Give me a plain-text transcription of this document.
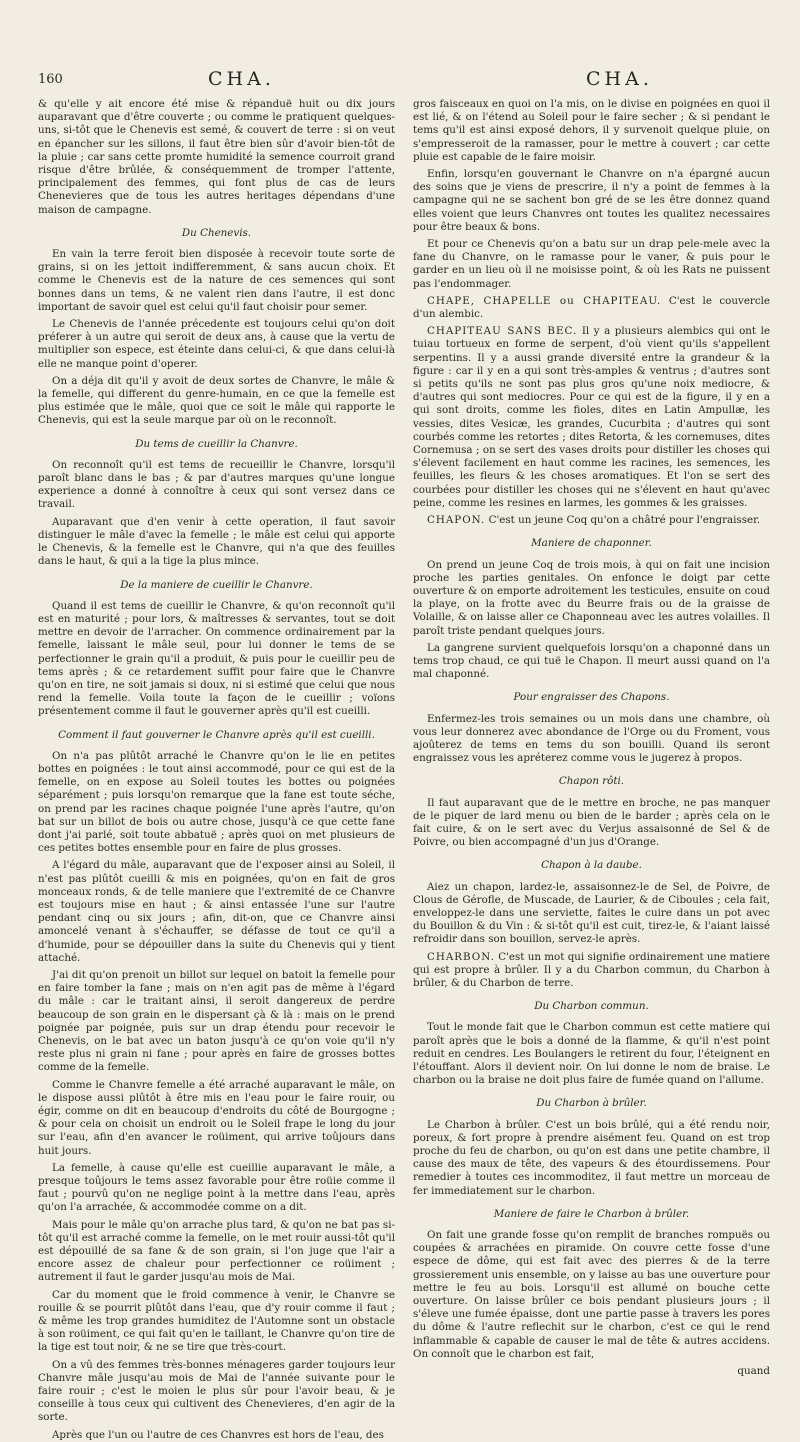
160	CHA.	CHA.

& qu'elle y ait encore été mise & répanduë huit ou dix jours auparavant que d'être couverte ; ou comme le pratiquent quelques-uns, si-tôt que le Chenevis est semé, & couvert de terre : si on veut en épancher sur les sillons, il faut être bien sûr d'avoir bien-tôt de la pluie ; car sans cette promte humidité la semence courroit grand risque d'être brûlée, & conséquemment de tromper l'attente, principalement des femmes, qui font plus de cas de leurs Chenevieres que de tous les autres heritages dépendans d'une maison de campagne.

Du Chenevis.

En vain la terre feroit bien disposée à recevoir toute sorte de grains, si on les jettoit indifferemment, & sans aucun choix. Et comme le Chenevis est de la nature de ces semences qui sont bonnes dans un tems, & ne valent rien dans l'autre, il est donc important de savoir quel est celui qu'il faut choisir pour semer.

Le Chenevis de l'année précedente est toujours celui qu'on doit préferer à un autre qui seroit de deux ans, à cause que la vertu de multiplier son espece, est éteinte dans celui-ci, & que dans celui-là elle ne manque point d'operer.

On a déja dit qu'il y avoit de deux sortes de Chanvre, le mâle & la femelle, qui different du genre-humain, en ce que la femelle est plus estimée que le mâle, quoi que ce soit le mâle qui rapporte le Chenevis, qui est la seule marque par où on le reconnoît.

Du tems de cueillir la Chanvre.

On reconnoît qu'il est tems de recueillir le Chanvre, lorsqu'il paroît blanc dans le bas ; & par d'autres marques qu'une longue experience a donné à connoître à ceux qui sont versez dans ce travail.

Auparavant que d'en venir à cette operation, il faut savoir distinguer le mâle d'avec la femelle ; le mâle est celui qui apporte le Chenevis, & la femelle est le Chanvre, qui n'a que des feuilles dans le haut, & qui a la tige la plus mince.

De la maniere de cueillir le Chanvre.

Quand il est tems de cueillir le Chanvre, & qu'on reconnoît qu'il est en maturité ; pour lors, & maîtresses & servantes, tout se doit mettre en devoir de l'arracher. On commence ordinairement par la femelle, laissant le mâle seul, pour lui donner le tems de se perfectionner le grain qu'il a produit, & puis pour le cueillir peu de tems après ; & ce retardement suffit pour faire que le Chanvre qu'on en tire, ne soit jamais si doux, ni si estimé que celui que nous rend la femelle. Voila toute la façon de le cueillir ; voïons présentement comme il faut le gouverner après qu'il est cueilli.

Comment il faut gouverner le Chanvre après qu'il est cueilli.

On n'a pas plûtôt arraché le Chanvre qu'on le lie en petites bottes en poignées : le tout ainsi accommodé, pour ce qui est de la femelle, on en expose au Soleil toutes les bottes ou poignées séparément ; puis lorsqu'on remarque que la fane est toute séche, on prend par les racines chaque poignée l'une après l'autre, qu'on bat sur un billot de bois ou autre chose, jusqu'à ce que cette fane dont j'ai parlé, soit toute abbatuë ; après quoi on met plusieurs de ces petites bottes ensemble pour en faire de plus grosses.

A l'égard du mâle, auparavant que de l'exposer ainsi au Soleil, il n'est pas plûtôt cueilli & mis en poignées, qu'on en fait de gros monceaux ronds, & de telle maniere que l'extremité de ce Chanvre est toujours mise en haut ; & ainsi entassée l'une sur l'autre pendant cinq ou six jours ; afin, dit-on, que ce Chanvre ainsi amoncelé venant à s'échauffer, se défasse de tout ce qu'il a d'humide, pour se dépouiller dans la suite du Chenevis qui y tient attaché.

J'ai dit qu'on prenoit un billot sur lequel on batoit la femelle pour en faire tomber la fane ; mais on n'en agit pas de même à l'égard du mâle : car le traitant ainsi, il seroit dangereux de perdre beaucoup de son grain en le dispersant çà & là : mais on le prend poignée par poignée, puis sur un drap étendu pour recevoir le Chenevis, on le bat avec un baton jusqu'à ce qu'on voie qu'il n'y reste plus ni grain ni fane ; pour après en faire de grosses bottes comme de la femelle.

Comme le Chanvre femelle a été arraché auparavant le mâle, on le dispose aussi plûtôt à être mis en l'eau pour le faire rouir, ou égir, comme on dit en beaucoup d'endroits du côté de Bourgogne ; & pour cela on choisit un endroit ou le Soleil frape le long du jour sur l'eau, afin d'en avancer le roüiment, qui arrive toûjours dans huit jours.

La femelle, à cause qu'elle est cueillie auparavant le mâle, a presque toûjours le tems assez favorable pour être roüie comme il faut ; pourvû qu'on ne neglige point à la mettre dans l'eau, après qu'on l'a arrachée, & accommodée comme on a dit.

Mais pour le mâle qu'on arrache plus tard, & qu'on ne bat pas si-tôt qu'il est arraché comme la femelle, on le met rouir aussi-tôt qu'il est dépouillé de sa fane & de son grain, si l'on juge que l'air a encore assez de chaleur pour perfectionner ce roüiment ; autrement il faut le garder jusqu'au mois de Mai.

Car du moment que le froid commence à venir, le Chanvre se rouille & se pourrit plûtôt dans l'eau, que d'y rouir comme il faut ; & même les trop grandes humiditez de l'Automne sont un obstacle à son roüiment, ce qui fait qu'en le taillant, le Chanvre qu'on tire de la tige est tout noir, & ne se tire que très-court.

On a vû des femmes très-bonnes ménageres garder toujours leur Chanvre mâle jusqu'au mois de Mai de l'année suivante pour le faire rouir ; c'est le moien le plus sûr pour l'avoir beau, & je conseille à tous ceux qui cultivent des Chenevieres, d'en agir de la sorte.

Après que l'un ou l'autre de ces Chanvres est hors de l'eau, des

gros faisceaux en quoi on l'a mis, on le divise en poignées en quoi il est lié, & on l'étend au Soleil pour le faire secher ; & si pendant le tems qu'il est ainsi exposé dehors, il y survenoit quelque pluie, on s'empresseroit de la ramasser, pour le mettre à couvert ; car cette pluie est capable de le faire moisir.

Enfin, lorsqu'en gouvernant le Chanvre on n'a épargné aucun des soins que je viens de prescrire, il n'y a point de femmes à la campagne qui ne se sachent bon gré de se les être donnez quand elles voient que leurs Chanvres ont toutes les qualitez necessaires pour être beaux & bons.

Et pour ce Chenevis qu'on a batu sur un drap pele-mele avec la fane du Chanvre, on le ramasse pour le vaner, & puis pour le garder en un lieu où il ne moisisse point, & où les Rats ne puissent pas l'endommager.

CHAPE, CHAPELLE ou CHAPITEAU. C'est le couvercle d'un alembic.

CHAPITEAU SANS BEC. Il y a plusieurs alembics qui ont le tuiau tortueux en forme de serpent, d'où vient qu'ils s'appellent serpentins. Il y a aussi grande diversité entre la grandeur & la figure : car il y en a qui sont très-amples & ventrus ; d'autres sont si petits qu'ils ne sont pas plus gros qu'une noix mediocre, & d'autres qui sont mediocres. Pour ce qui est de la figure, il y en a qui sont droits, comme les fioles, dites en Latin Ampullæ, les vessies, dites Vesicæ, les grandes, Cucurbita ; d'autres qui sont courbés comme les retortes ; dites Retorta, & les cornemuses, dites Cornemusa ; on se sert des vases droits pour distiller les choses qui s'élevent facilement en haut comme les racines, les semences, les feuilles, les fleurs & les choses aromatiques. Et l'on se sert des courbées pour distiller les choses qui ne s'élevent en haut qu'avec peine, comme les resines en larmes, les gommes & les graisses.

CHAPON. C'est un jeune Coq qu'on a châtré pour l'engraisser.

Maniere de chaponner.

On prend un jeune Coq de trois mois, à qui on fait une incision proche les parties genitales. On enfonce le doigt par cette ouverture & on emporte adroitement les testicules, ensuite on coud la playe, on la frotte avec du Beurre frais ou de la graisse de Volaille, & on laisse aller ce Chaponneau avec les autres volailles. Il paroît triste pendant quelques jours.

La gangrene survient quelquefois lorsqu'on a chaponné dans un tems trop chaud, ce qui tuë le Chapon. Il meurt aussi quand on l'a mal chaponné.

Pour engraisser des Chapons.

Enfermez-les trois semaines ou un mois dans une chambre, où vous leur donnerez avec abondance de l'Orge ou du Froment, vous ajoûterez de tems en tems du son bouilli. Quand ils seront engraissez vous les apréterez comme vous le jugerez à propos.

Chapon rôti.

Il faut auparavant que de le mettre en broche, ne pas manquer de le piquer de lard menu ou bien de le barder ; après cela on le fait cuire, & on le sert avec du Verjus assaisonné de Sel & de Poivre, ou bien accompagné d'un jus d'Orange.

Chapon à la daube.

Aiez un chapon, lardez-le, assaisonnez-le de Sel, de Poivre, de Clous de Gérofle, de Muscade, de Laurier, & de Ciboules ; cela fait, enveloppez-le dans une serviette, faites le cuire dans un pot avec du Bouillon & du Vin : & si-tôt qu'il est cuit, tirez-le, & l'aiant laissé refroidir dans son bouillon, servez-le après.

CHARBON. C'est un mot qui signifie ordinairement une matiere qui est propre à brûler. Il y a du Charbon commun, du Charbon à brûler, & du Charbon de terre.

Du Charbon commun.

Tout le monde fait que le Charbon commun est cette matiere qui paroît après que le bois a donné de la flamme, & qu'il n'est point reduit en cendres. Les Boulangers le retirent du four, l'éteignent en l'étouffant. Alors il devient noir. On lui donne le nom de braise. Le charbon ou la braise ne doit plus faire de fumée quand on l'allume.

Du Charbon à brûler.

Le Charbon à brûler. C'est un bois brûlé, qui a été rendu noir, poreux, & fort propre à prendre aisément feu. Quand on est trop proche du feu de charbon, ou qu'on est dans une petite chambre, il cause des maux de tête, des vapeurs & des étourdissemens. Pour remedier à toutes ces incommoditez, il faut mettre un morceau de fer immediatement sur le charbon.

Maniere de faire le Charbon à brûler.

On fait une grande fosse qu'on remplit de branches rompuës ou coupées & arrachées en piramide. On couvre cette fosse d'une espece de dôme, qui est fait avec des pierres & de la terre grossierement unis ensemble, on y laisse au bas une ouverture pour mettre le feu au bois. Lorsqu'il est allumé on bouche cette ouverture. On laisse brûler ce bois pendant plusieurs jours ; il s'éleve une fumée épaisse, dont une partie passe à travers les pores du dôme & l'autre reflechit sur le charbon, c'est ce qui le rend inflammable & capable de causer le mal de tête & autres accidens. On connoît que le charbon est fait,

quand
